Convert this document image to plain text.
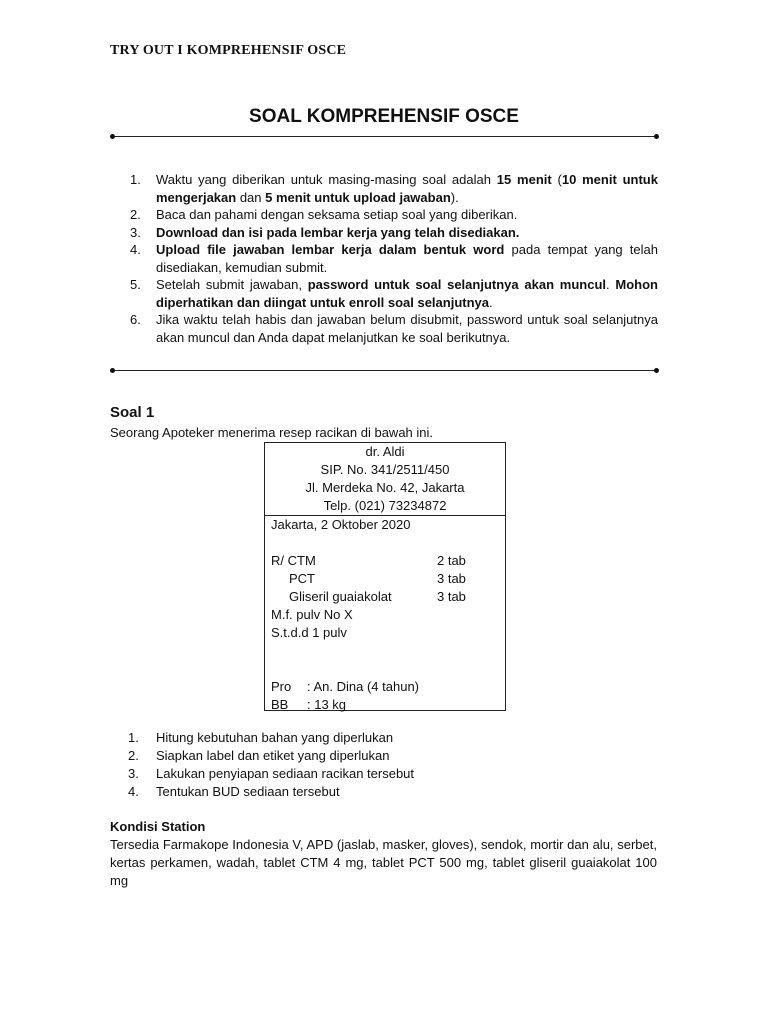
TRY OUT I KOMPREHENSIF OSCE
SOAL KOMPREHENSIF OSCE
1. Waktu yang diberikan untuk masing-masing soal adalah 15 menit (10 menit untuk mengerjakan dan 5 menit untuk upload jawaban).
2. Baca dan pahami dengan seksama setiap soal yang diberikan.
3. Download dan isi pada lembar kerja yang telah disediakan.
4. Upload file jawaban lembar kerja dalam bentuk word pada tempat yang telah disediakan, kemudian submit.
5. Setelah submit jawaban, password untuk soal selanjutnya akan muncul. Mohon diperhatikan dan diingat untuk enroll soal selanjutnya.
6. Jika waktu telah habis dan jawaban belum disubmit, password untuk soal selanjutnya akan muncul dan Anda dapat melanjutkan ke soal berikutnya.
Soal 1
Seorang Apoteker menerima resep racikan di bawah ini.
dr. Aldi
SIP. No. 341/2511/450
Jl. Merdeka No. 42, Jakarta
Telp. (021) 73234872
Jakarta, 2 Oktober 2020
R/ CTM	2 tab
PCT	3 tab
Gliseril guaiakolat	3 tab
M.f. pulv No X
S.t.d.d 1 pulv
Pro : An. Dina (4 tahun)
BB : 13 kg
1. Hitung kebutuhan bahan yang diperlukan
2. Siapkan label dan etiket yang diperlukan
3. Lakukan penyiapan sediaan racikan tersebut
4. Tentukan BUD sediaan tersebut
Kondisi Station
Tersedia Farmakope Indonesia V, APD (jaslab, masker, gloves), sendok, mortir dan alu, serbet, kertas perkamen, wadah, tablet CTM 4 mg, tablet PCT 500 mg, tablet gliseril guaiakolat 100 mg
